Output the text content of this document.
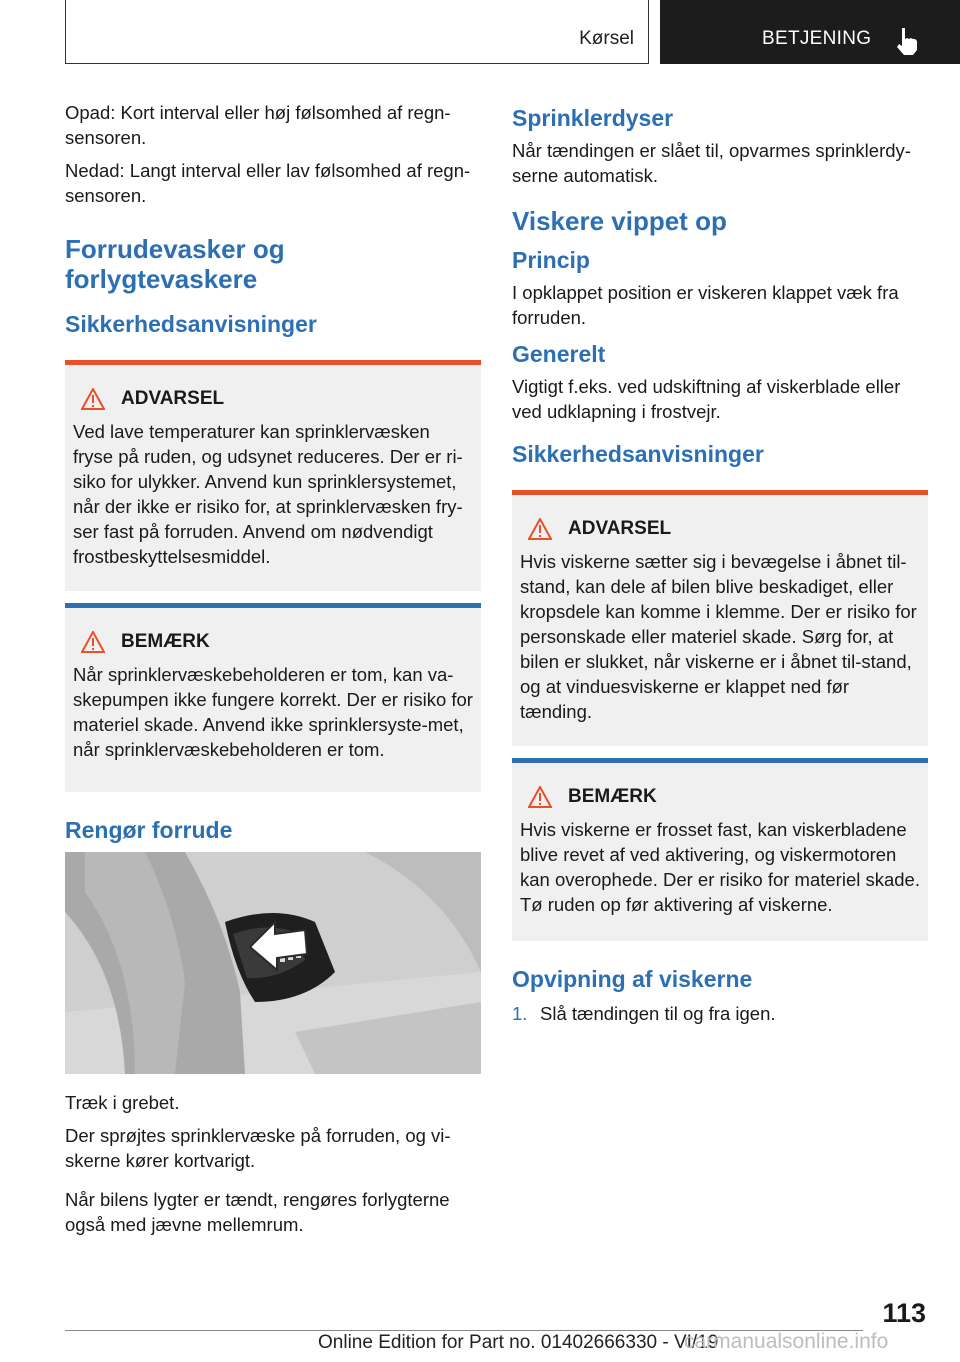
Kørsel	BETJENING

Opad: Kort interval eller høj følsomhed af regn‐sensoren.

Nedad: Langt interval eller lav følsomhed af regn‐sensoren.

Forrudevasker og forlygtevaskere
Sikkerhedsanvisninger
ADVARSEL

Ved lave temperaturer kan sprinklervæsken fryse på ruden, og udsynet reduceres. Der er ri‐siko for ulykker. Anvend kun sprinklersystemet, når der ikke er risiko for, at sprinklervæsken fry‐ser fast på forruden. Anvend om nødvendigt frostbeskyttelsesmiddel.

BEMÆRK

Når sprinklervæskebeholderen er tom, kan va‐skepumpen ikke fungere korrekt. Der er risiko for materiel skade. Anvend ikke sprinklersyste‐met, når sprinklervæskebeholderen er tom.

Rengør forrude

Træk i grebet.

Der sprøjtes sprinklervæske på forruden, og vi‐skerne kører kortvarigt.

Når bilens lygter er tændt, rengøres forlygterne også med jævne mellemrum.

Sprinklerdyser

Når tændingen er slået til, opvarmes sprinklerdy‐serne automatisk.

Viskere vippet op
Princip

I opklappet position er viskeren klappet væk fra forruden.

Generelt

Vigtigt f.eks. ved udskiftning af viskerblade eller ved udklapning i frostvejr.

Sikkerhedsanvisninger
ADVARSEL

Hvis viskerne sætter sig i bevægelse i åbnet til‐stand, kan dele af bilen blive beskadiget, eller kropsdele kan komme i klemme. Der er risiko for personskade eller materiel skade. Sørg for, at bilen er slukket, når viskerne er i åbnet til‐stand, og at vinduesviskerne er klappet ned før tænding.

BEMÆRK

Hvis viskerne er frosset fast, kan viskerbladene blive revet af ved aktivering, og viskermotoren kan overophede. Der er risiko for materiel skade. Tø ruden op før aktivering af viskerne.

Opvipning af viskerne
1. Slå tændingen til og fra igen.
113
Online Edition for Part no. 01402666330 - VI/19
carmanualsonline.info
